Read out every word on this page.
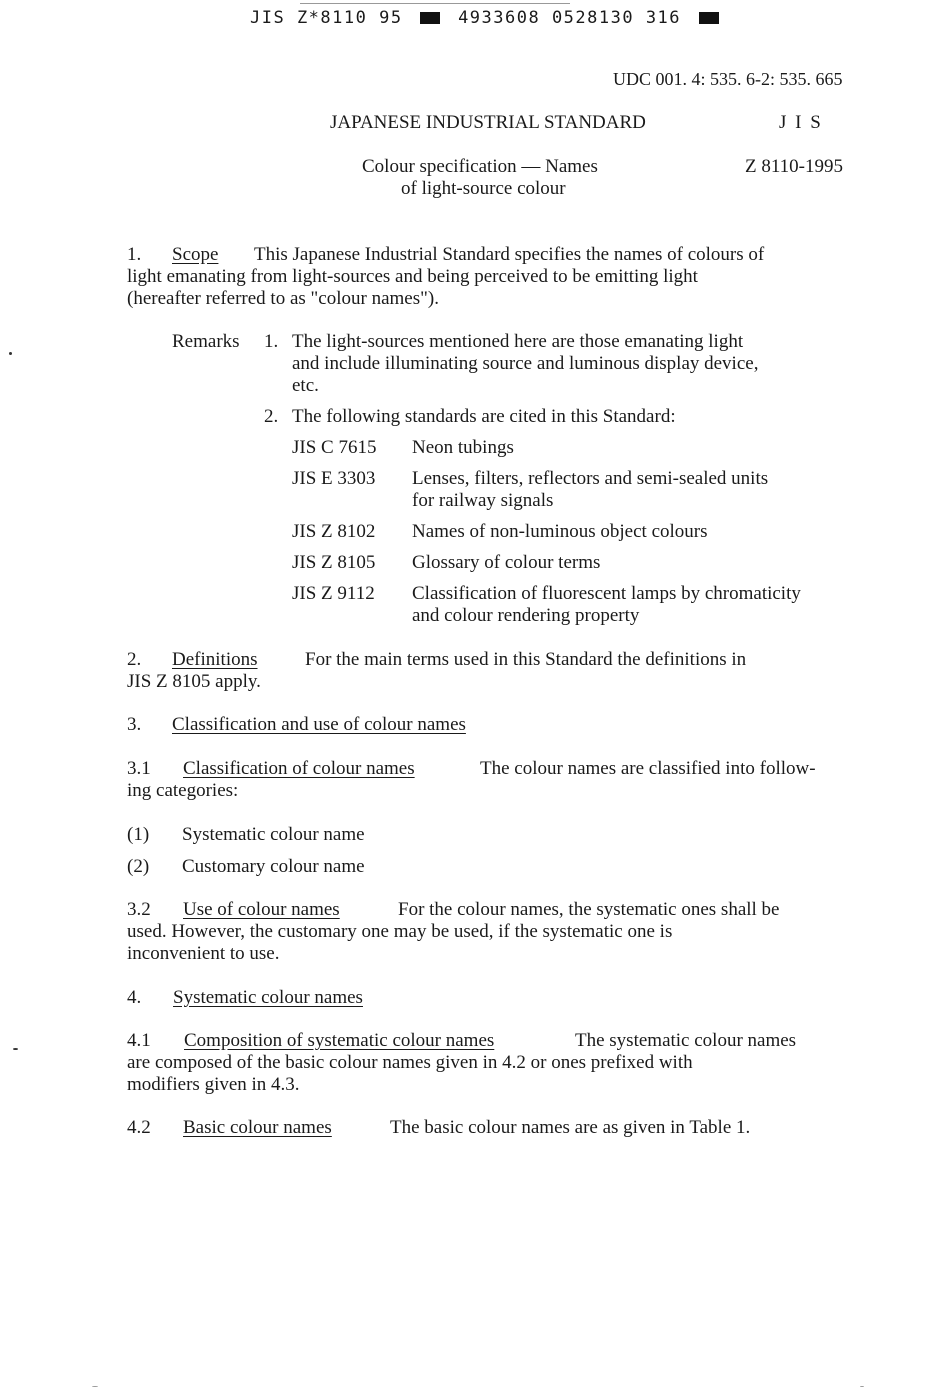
JIS Z*8110 95	4933608 0528130 316
UDC 001. 4: 535. 6-2: 535. 665
JAPANESE INDUSTRIAL STANDARD	J I S
Colour specification — Names
of light-source colour
Z 8110-1995
1. Scope This Japanese Industrial Standard specifies the names of colours of
light emanating from light-sources and being perceived to be emitting light
(hereafter referred to as "colour names").
Remarks 1. The light-sources mentioned here are those emanating light
and include illuminating source and luminous display device,
etc.
2. The following standards are cited in this Standard:
JIS C 7615 Neon tubings
JIS E 3303 Lenses, filters, reflectors and semi-sealed units
for railway signals
JIS Z 8102 Names of non-luminous object colours
JIS Z 8105 Glossary of colour terms
JIS Z 9112 Classification of fluorescent lamps by chromaticity
and colour rendering property
2. Definitions	For the main terms used in this Standard the definitions in
JIS Z 8105 apply.
3. Classification and use of colour names
3.1 Classification of colour names	The colour names are classified into follow-
ing categories:
(1) Systematic colour name
(2) Customary colour name
3.2 Use of colour names	For the colour names, the systematic ones shall be
used. However, the customary one may be used, if the systematic one is
inconvenient to use.
4. Systematic colour names
4.1 Composition of systematic colour names	The systematic colour names
are composed of the basic colour names given in 4.2 or ones prefixed with
modifiers given in 4.3.
4.2 Basic colour names	The basic colour names are as given in Table 1.
